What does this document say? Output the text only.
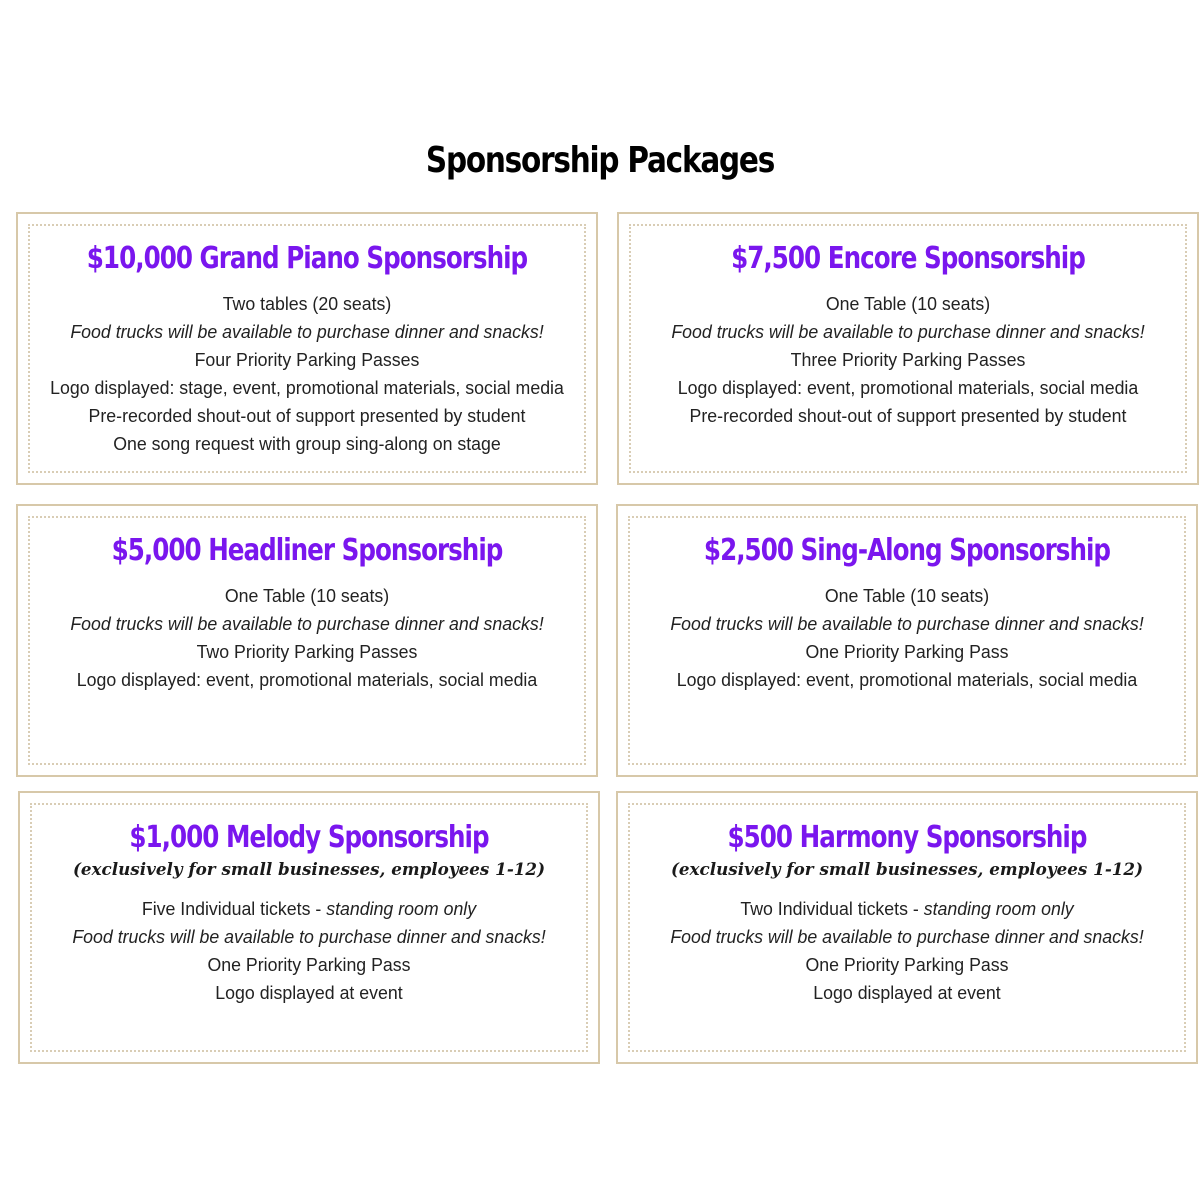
Sponsorship Packages
$10,000 Grand Piano Sponsorship
Two tables (20 seats)
Food trucks will be available to purchase dinner and snacks!
Four Priority Parking Passes
Logo displayed: stage, event, promotional materials, social media
Pre-recorded shout-out of support presented by student
One song request with group sing-along on stage
$7,500 Encore Sponsorship
One Table (10 seats)
Food trucks will be available to purchase dinner and snacks!
Three Priority Parking Passes
Logo displayed: event, promotional materials, social media
Pre-recorded shout-out of support presented by student
$5,000 Headliner Sponsorship
One Table (10 seats)
Food trucks will be available to purchase dinner and snacks!
Two Priority Parking Passes
Logo displayed: event, promotional materials, social media
$2,500 Sing-Along Sponsorship
One Table (10 seats)
Food trucks will be available to purchase dinner and snacks!
One Priority Parking Pass
Logo displayed: event, promotional materials, social media
$1,000 Melody Sponsorship
(exclusively for small businesses, employees 1-12)
Five Individual tickets - standing room only
Food trucks will be available to purchase dinner and snacks!
One Priority Parking Pass
Logo displayed at event
$500 Harmony Sponsorship
(exclusively for small businesses, employees 1-12)
Two Individual tickets - standing room only
Food trucks will be available to purchase dinner and snacks!
One Priority Parking Pass
Logo displayed at event
